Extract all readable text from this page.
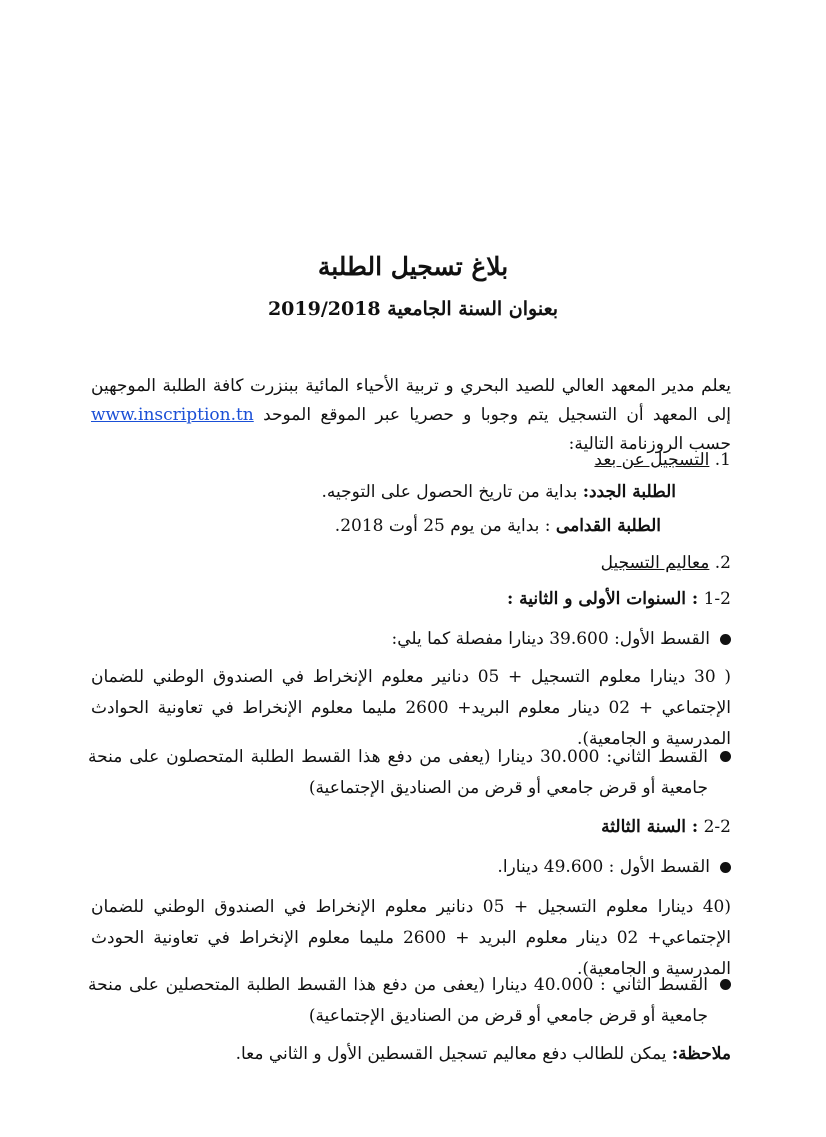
بلاغ تسجيل الطلبة
بعنوان السنة الجامعية 2019/2018

يعلم مدير المعهد العالي للصيد البحري و تربية الأحياء المائية ببنزرت كافة الطلبة الموجهين إلى المعهد أن التسجيل يتم وجوبا و حصريا عبر الموقع الموحد www.inscription.tn حسب الروزنامة التالية:

1. التسجيل عن بعد
الطلبة الجدد: بداية من تاريخ الحصول على التوجيه.
الطلبة القدامى : بداية من يوم 25 أوت 2018.
2. معاليم التسجيل
1-2 : السنوات الأولى و الثانية :
القسط الأول: 39.600 دينارا مفصلة كما يلي:

( 30 دينارا معلوم التسجيل + 05 دنانير معلوم الإنخراط في الصندوق الوطني للضمان الإجتماعي + 02 دينار معلوم البريد+ 2600 مليما معلوم الإنخراط في تعاونية الحوادث المدرسية و الجامعية).

القسط الثاني: 30.000 دينارا (يعفى من دفع هذا القسط الطلبة المتحصلون على منحة جامعية أو قرض جامعي أو قرض من الصناديق الإجتماعية)

2-2 : السنة الثالثة
القسط الأول : 49.600 دينارا.

(40 دينارا معلوم التسجيل + 05 دنانير معلوم الإنخراط في الصندوق الوطني للضمان الإجتماعي+ 02 دينار معلوم البريد + 2600 مليما معلوم الإنخراط في تعاونية الحودث المدرسية و الجامعية).

القسط الثاني : 40.000 دينارا (يعفى من دفع هذا القسط الطلبة المتحصلين على منحة جامعية أو قرض جامعي أو قرض من الصناديق الإجتماعية)

ملاحظة: يمكن للطالب دفع معاليم تسجيل القسطين الأول و الثاني معا.
